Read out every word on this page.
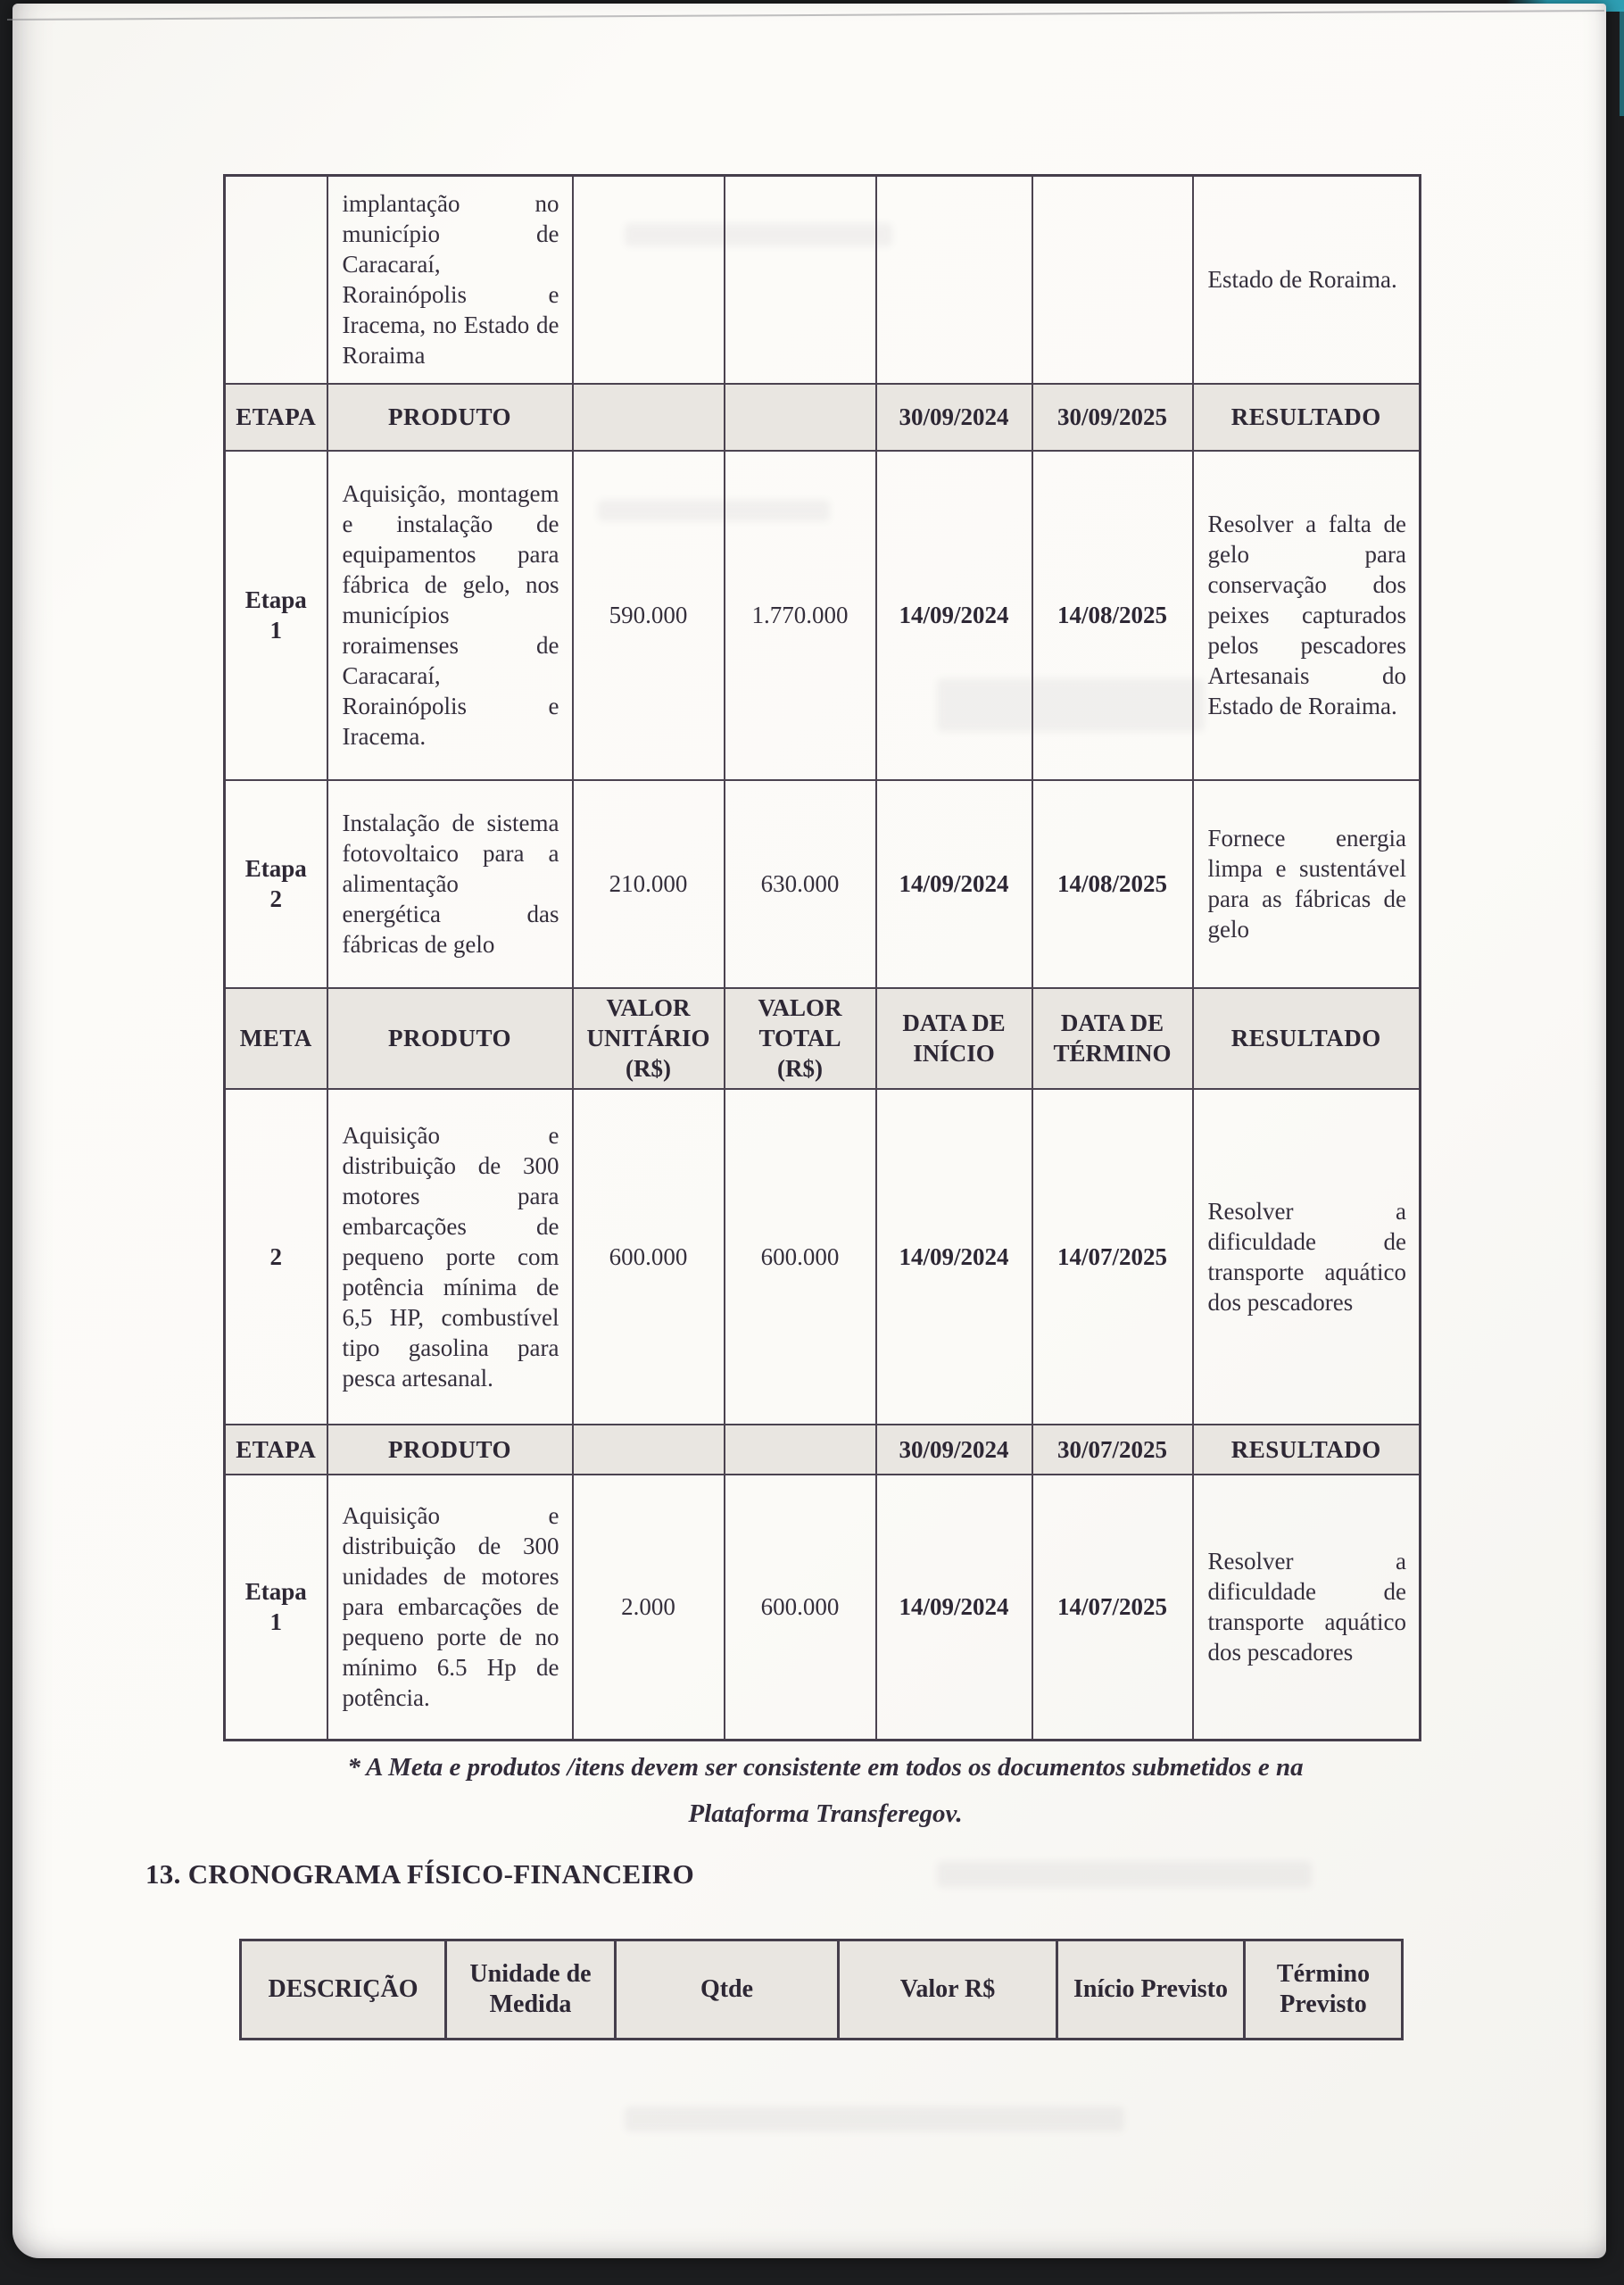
	implantação no município de Caracaraí, Rorainópolis e Iracema, no Estado de Roraima					Estado de Roraima.
ETAPA	PRODUTO			30/09/2024	30/09/2025	RESULTADO
Etapa 1	Aquisição, montagem e instalação de equipamentos para fábrica de gelo, nos municípios roraimenses de Caracaraí, Rorainópolis e Iracema.	590.000	1.770.000	14/09/2024	14/08/2025	Resolver a falta de gelo para conservação dos peixes capturados pelos pescadores Artesanais do Estado de Roraima.
Etapa 2	Instalação de sistema fotovoltaico para a alimentação energética das fábricas de gelo	210.000	630.000	14/09/2024	14/08/2025	Fornece energia limpa e sustentável para as fábricas de gelo
META	PRODUTO	VALOR UNITÁRIO (R$)	VALOR TOTAL (R$)	DATA DE INÍCIO	DATA DE TÉRMINO	RESULTADO
2	Aquisição e distribuição de 300 motores para embarcações de pequeno porte com potência mínima de 6,5 HP, combustível tipo gasolina para pesca artesanal.	600.000	600.000	14/09/2024	14/07/2025	Resolver a dificuldade de transporte aquático dos pescadores
ETAPA	PRODUTO			30/09/2024	30/07/2025	RESULTADO
Etapa 1	Aquisição e distribuição de 300 unidades de motores para embarcações de pequeno porte de no mínimo 6.5 Hp de potência.	2.000	600.000	14/09/2024	14/07/2025	Resolver a dificuldade de transporte aquático dos pescadores
* A Meta e produtos /itens devem ser consistente em todos os documentos submetidos e na
Plataforma Transferegov.
13. CRONOGRAMA FÍSICO-FINANCEIRO
DESCRIÇÃO	Unidade de Medida	Qtde	Valor R$	Início Previsto	Término Previsto
